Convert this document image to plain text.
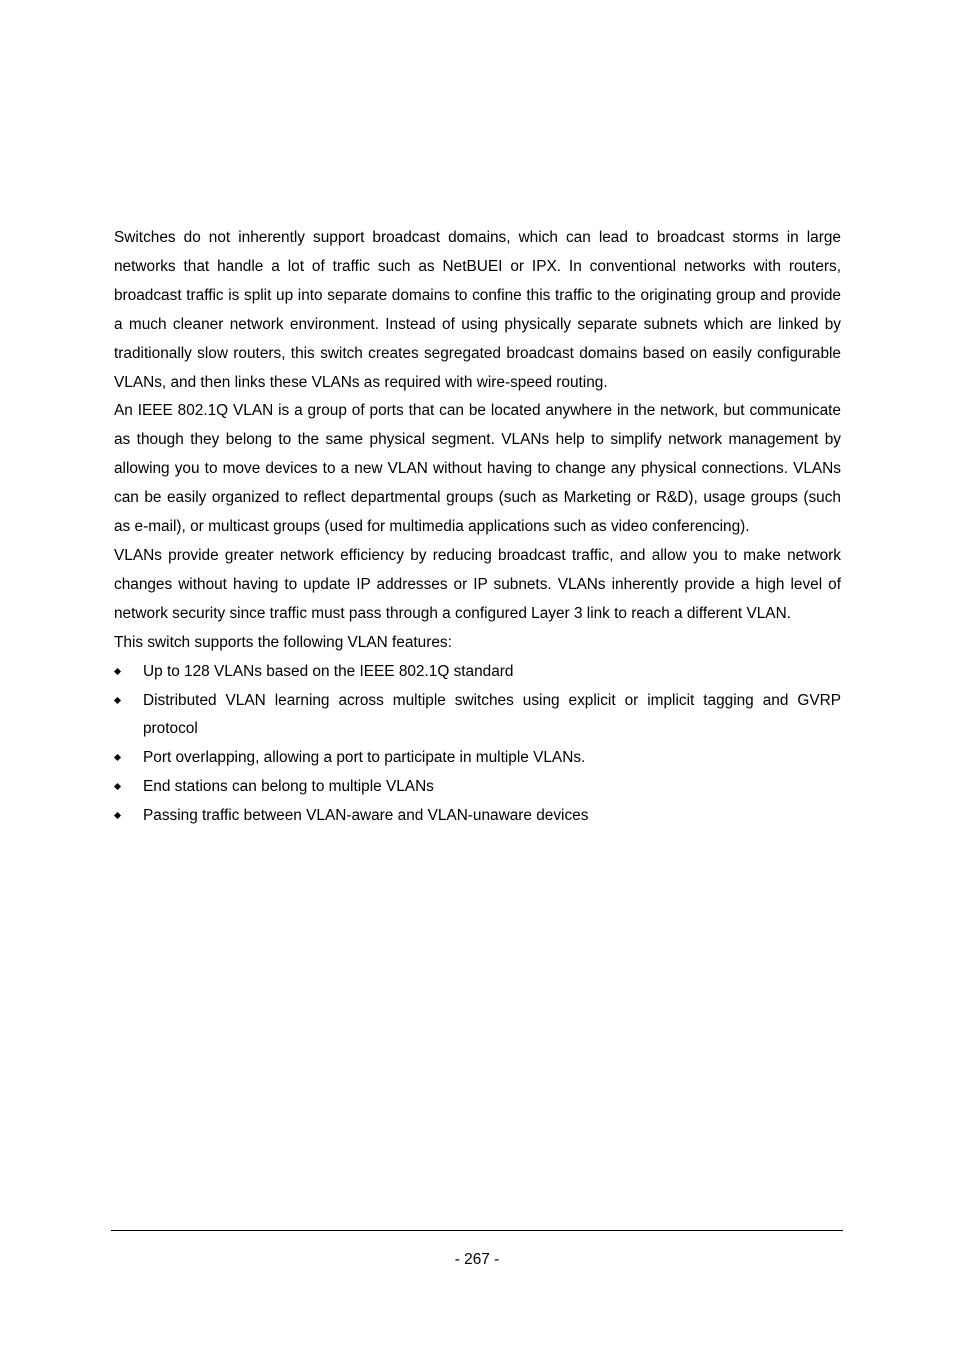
Switches do not inherently support broadcast domains, which can lead to broadcast storms in large networks that handle a lot of traffic such as NetBUEI or IPX. In conventional networks with routers, broadcast traffic is split up into separate domains to confine this traffic to the originating group and provide a much cleaner network environment. Instead of using physically separate subnets which are linked by traditionally slow routers, this switch creates segregated broadcast domains based on easily configurable VLANs, and then links these VLANs as required with wire-speed routing.

An IEEE 802.1Q VLAN is a group of ports that can be located anywhere in the network, but communicate as though they belong to the same physical segment. VLANs help to simplify network management by allowing you to move devices to a new VLAN without having to change any physical connections. VLANs can be easily organized to reflect departmental groups (such as Marketing or R&D), usage groups (such as e-mail), or multicast groups (used for multimedia applications such as video conferencing).

VLANs provide greater network efficiency by reducing broadcast traffic, and allow you to make network changes without having to update IP addresses or IP subnets. VLANs inherently provide a high level of network security since traffic must pass through a configured Layer 3 link to reach a different VLAN.

This switch supports the following VLAN features:

Up to 128 VLANs based on the IEEE 802.1Q standard
Distributed VLAN learning across multiple switches using explicit or implicit tagging and GVRP protocol
Port overlapping, allowing a port to participate in multiple VLANs.
End stations can belong to multiple VLANs
Passing traffic between VLAN-aware and VLAN-unaware devices
- 267 -
